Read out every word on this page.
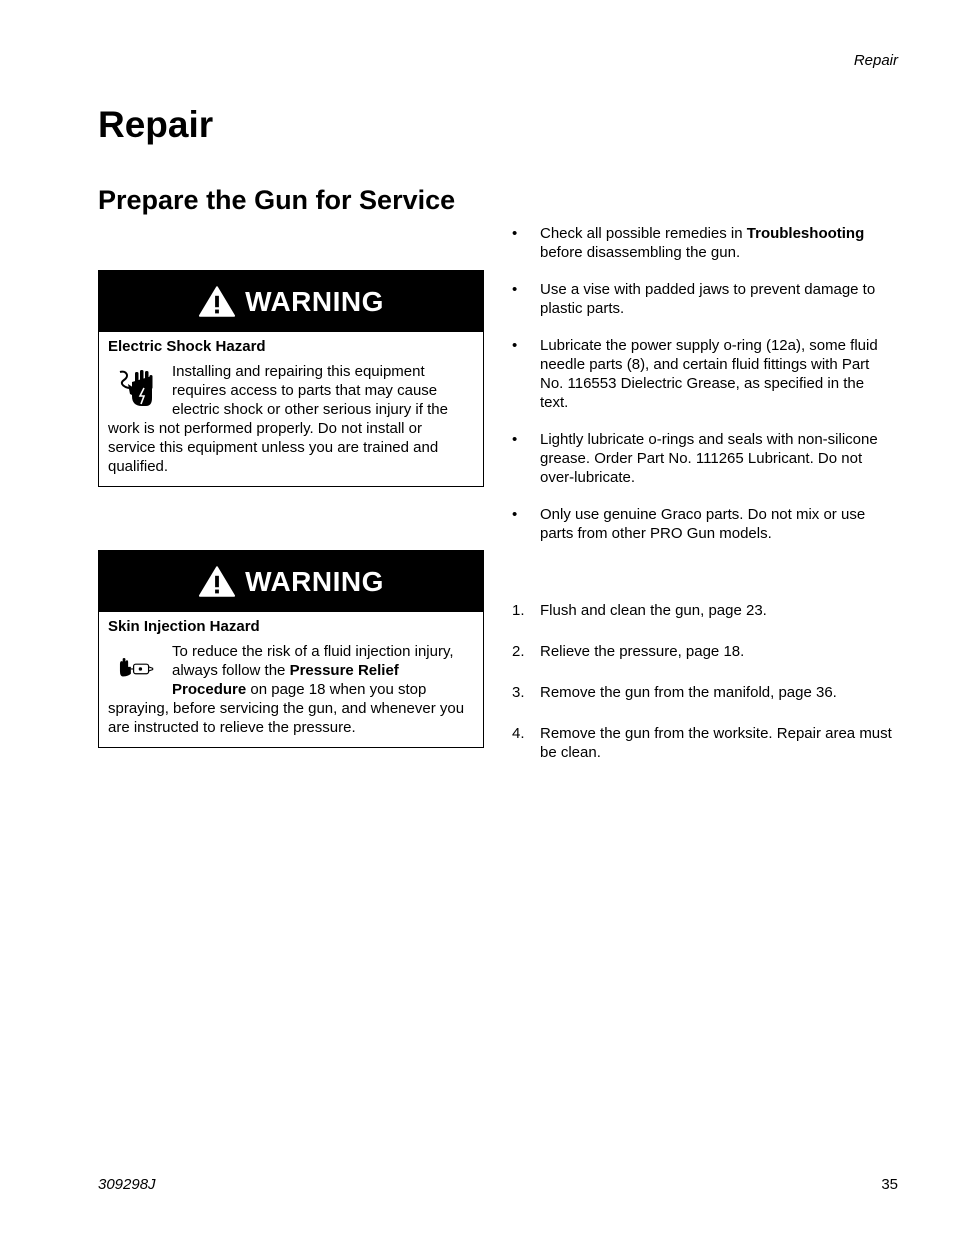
Repair
Repair
Prepare the Gun for Service
WARNING
Electric Shock Hazard

Installing and repairing this equipment requires access to parts that may cause electric shock or other serious injury if the work is not performed properly. Do not install or service this equipment unless you are trained and qualified.

WARNING
Skin Injection Hazard

To reduce the risk of a fluid injection injury, always follow the Pressure Relief Procedure on page 18 when you stop spraying, before servicing the gun, and whenever you are instructed to relieve the pressure.

• Check all possible remedies in Troubleshooting before disassembling the gun.
• Use a vise with padded jaws to prevent damage to plastic parts.
• Lubricate the power supply o-ring (12a), some fluid needle parts (8), and certain fluid fittings with Part No. 116553 Dielectric Grease, as specified in the text.
• Lightly lubricate o-rings and seals with non-silicone grease. Order Part No. 111265 Lubricant. Do not over-lubricate.
• Only use genuine Graco parts. Do not mix or use parts from other PRO Gun models.
1. Flush and clean the gun, page 23.
2. Relieve the pressure, page 18.
3. Remove the gun from the manifold, page 36.
4. Remove the gun from the worksite. Repair area must be clean.
309298J	35
